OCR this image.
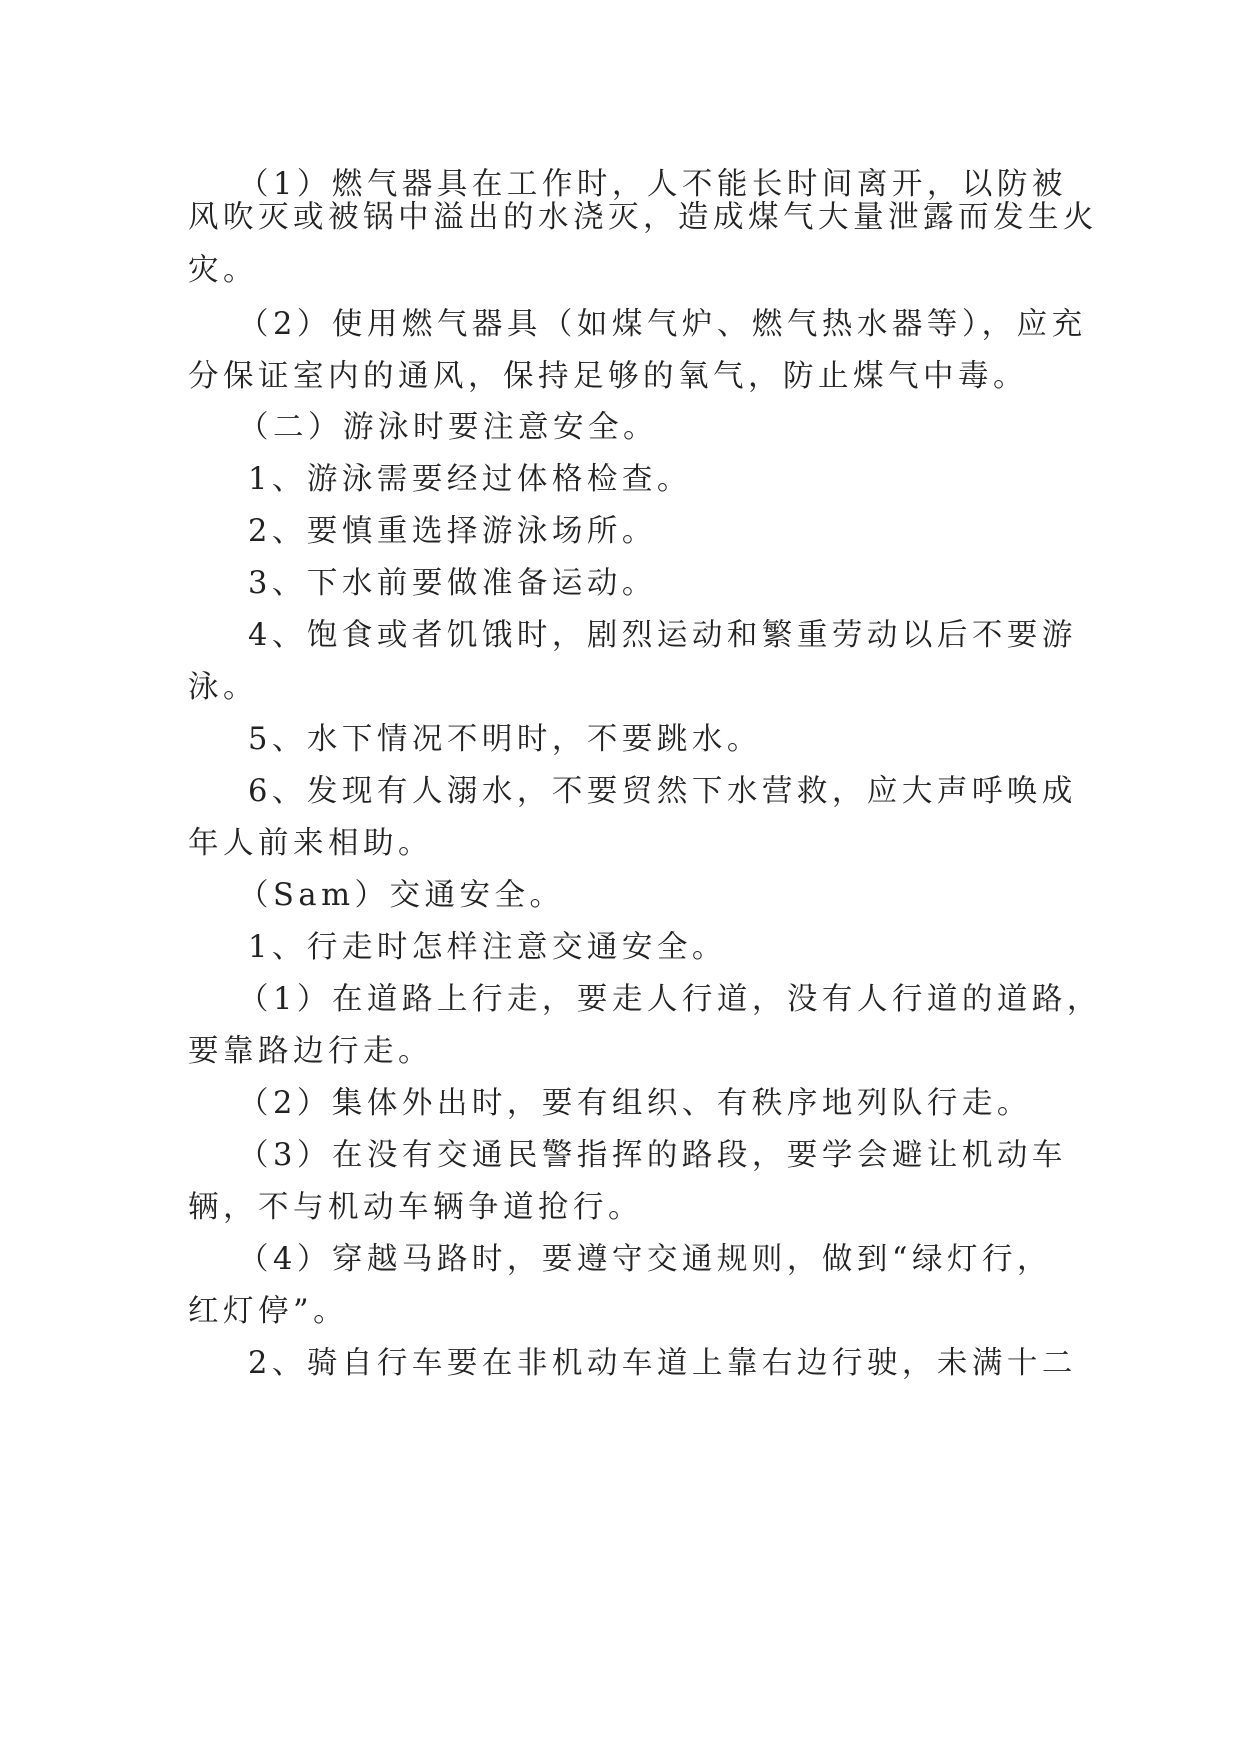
（1）燃气器具在工作时，人不能长时间离开，以防被
风吹灭或被锅中溢出的水浇灭，造成煤气大量泄露而发生火
灾。
（2）使用燃气器具（如煤气炉、燃气热水器等），应充
分保证室内的通风，保持足够的氧气，防止煤气中毒。
（二）游泳时要注意安全。
1、游泳需要经过体格检查。
2、要慎重选择游泳场所。
3、下水前要做准备运动。
4、饱食或者饥饿时，剧烈运动和繁重劳动以后不要游
泳。
5、水下情况不明时，不要跳水。
6、发现有人溺水，不要贸然下水营救，应大声呼唤成
年人前来相助。
（Sam）交通安全。
1、行走时怎样注意交通安全。
（1）在道路上行走，要走人行道，没有人行道的道路，
要靠路边行走。
（2）集体外出时，要有组织、有秩序地列队行走。
（3）在没有交通民警指挥的路段，要学会避让机动车
辆，不与机动车辆争道抢行。
（4）穿越马路时，要遵守交通规则，做到“绿灯行，
红灯停”。
2、骑自行车要在非机动车道上靠右边行驶，未满十二
